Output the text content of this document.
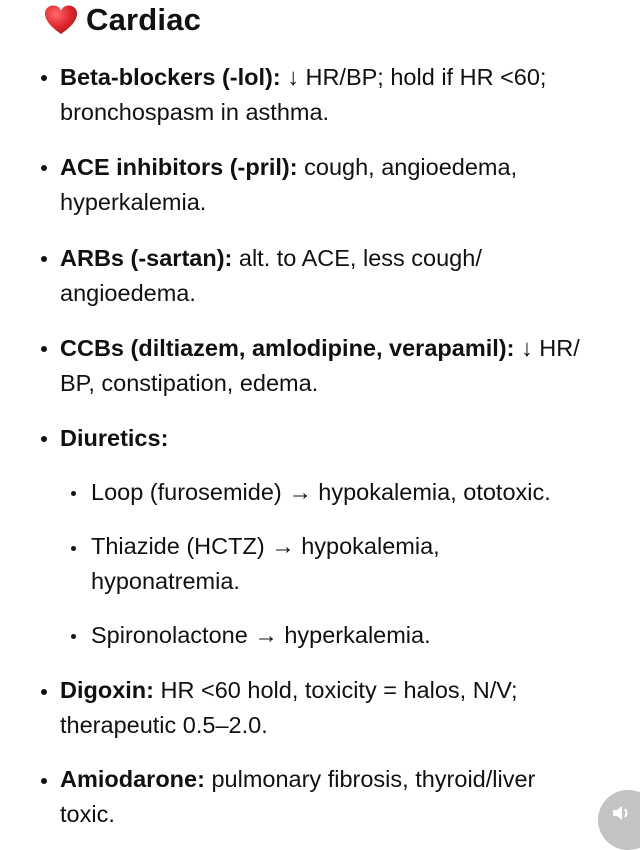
Cardiac
Beta-blockers (-lol): ↓ HR/BP; hold if HR <60;
bronchospasm in asthma.
ACE inhibitors (-pril): cough, angioedema,
hyperkalemia.
ARBs (-sartan): alt. to ACE, less cough/
angioedema.
CCBs (diltiazem, amlodipine, verapamil): ↓ HR/
BP, constipation, edema.
Diuretics:
Loop (furosemide) → hypokalemia, ototoxic.
Thiazide (HCTZ) → hypokalemia,
hyponatremia.
Spironolactone → hyperkalemia.
Digoxin: HR <60 hold, toxicity = halos, N/V;
therapeutic 0.5–2.0.
Amiodarone: pulmonary fibrosis, thyroid/liver
toxic.
